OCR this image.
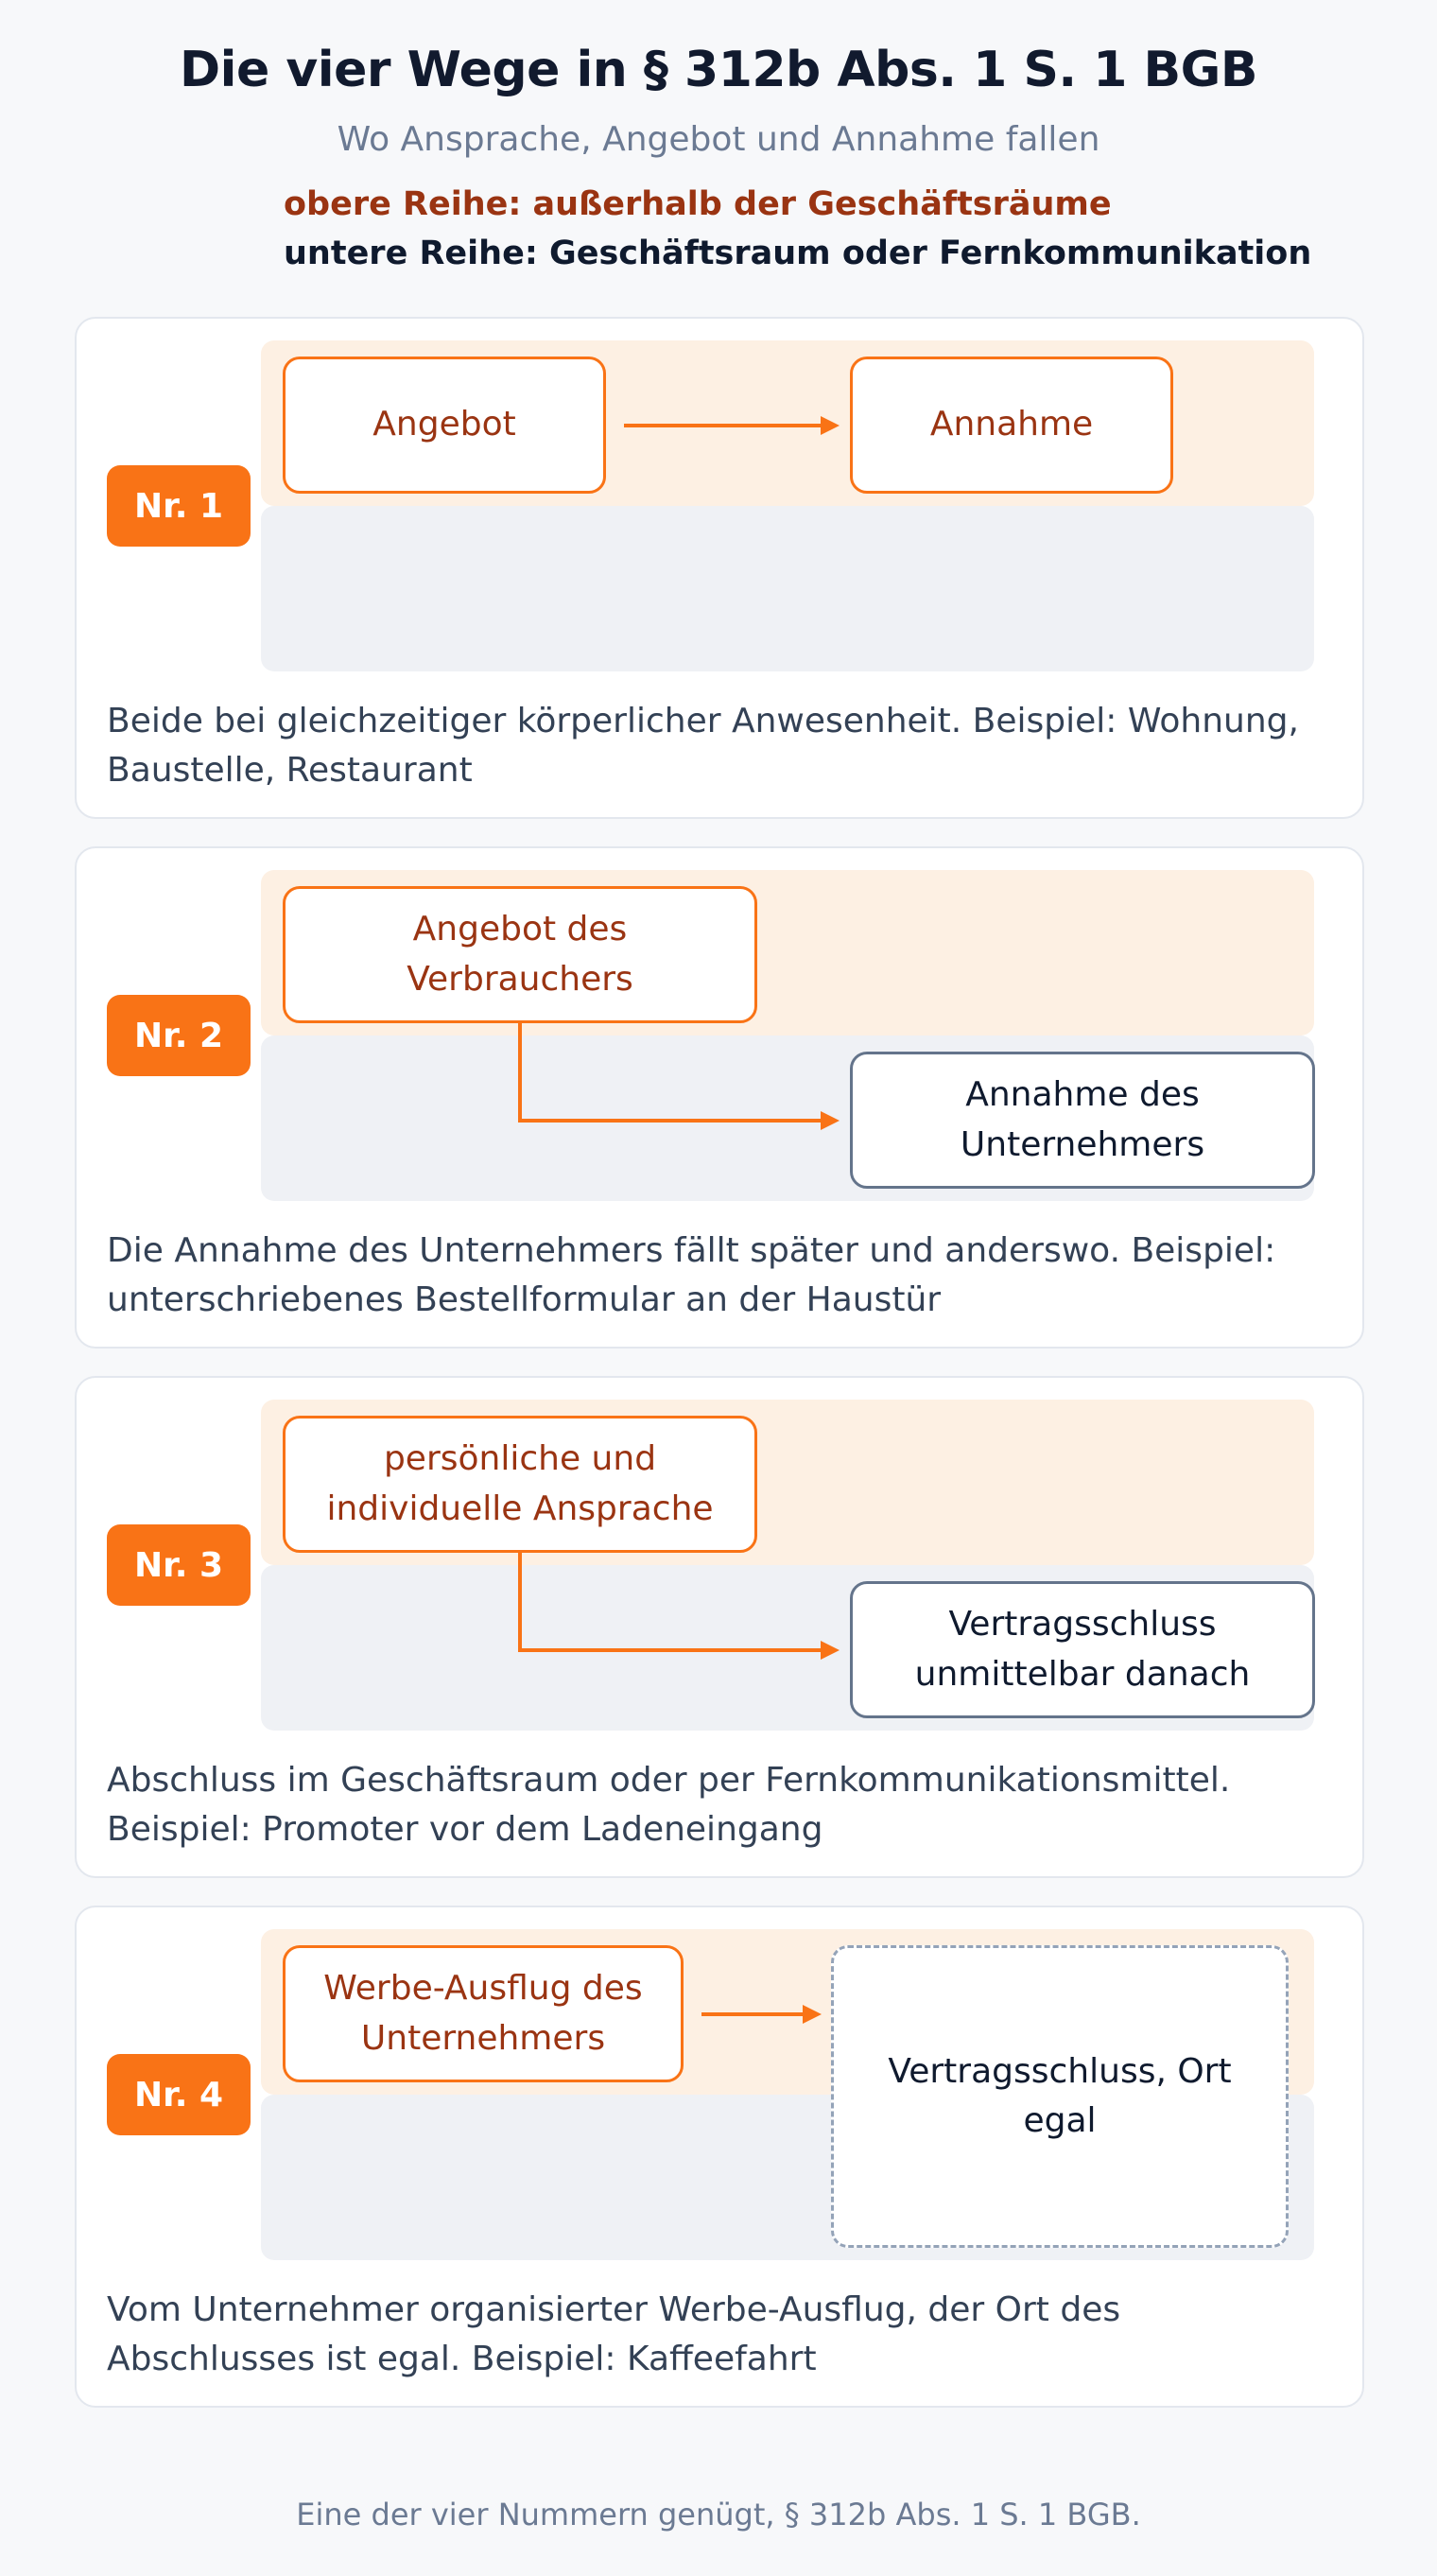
Die vier Wege in § 312b Abs. 1 S. 1 BGB
Wo Ansprache, Angebot und Annahme fallen
obere Reihe: außerhalb der Geschäftsräume
untere Reihe: Geschäftsraum oder Fernkommunikation
Nr. 1
Angebot	Annahme
Beide bei gleichzeitiger körperlicher Anwesenheit. Beispiel: Wohnung, Baustelle, Restaurant
Nr. 2
Angebot des Verbrauchers
Annahme des Unternehmers
Die Annahme des Unternehmers fällt später und anderswo. Beispiel: unterschriebenes Bestellformular an der Haustür
Nr. 3
persönliche und individuelle Ansprache
Vertragsschluss unmittelbar danach
Abschluss im Geschäftsraum oder per Fernkommunikationsmittel. Beispiel: Promoter vor dem Ladeneingang
Nr. 4
Werbe-Ausflug des Unternehmers
Vertragsschluss, Ort egal
Vom Unternehmer organisierter Werbe-Ausflug, der Ort des Abschlusses ist egal. Beispiel: Kaffeefahrt
Eine der vier Nummern genügt, § 312b Abs. 1 S. 1 BGB.
